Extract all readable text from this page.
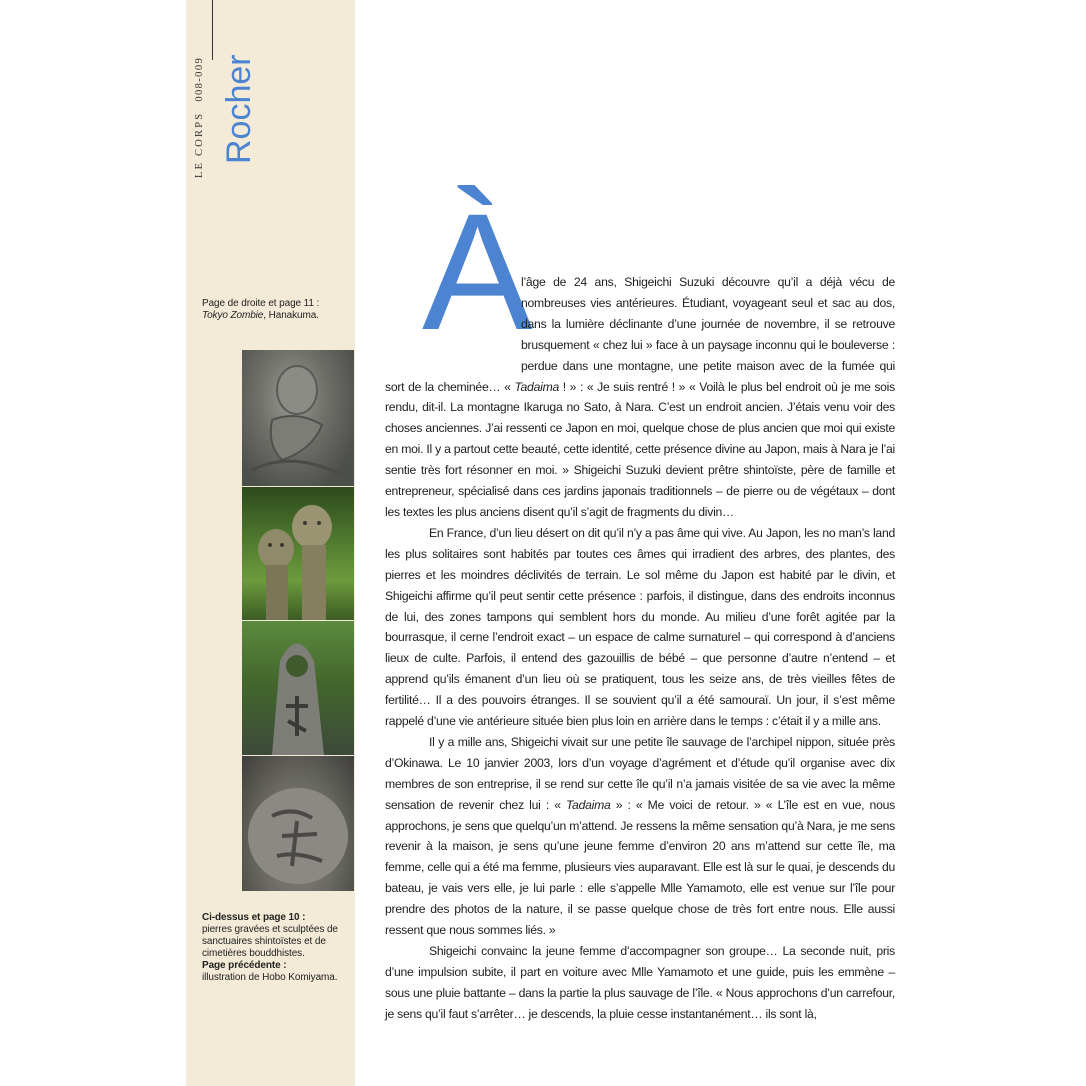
LE CORPS008-009 Rocher

Page de droite et page 11 :

Tokyo Zombie, Hanakuma.

Ci-dessus et page 10 :

pierres gravées et sculptées de sanctuaires shintoïstes et de cimetières bouddhistes.

Page précédente :

illustration de Hobo Komiyama.

À

l’âge de 24 ans, Shigeichi Suzuki découvre qu’il a déjà vécu de nombreuses vies antérieures. Étudiant, voyageant seul et sac au dos, dans la lumière déclinante d’une journée de novembre, il se retrouve brusquement « chez lui » face à un paysage inconnu qui le bouleverse : perdue dans une montagne, une petite maison avec de la fumée qui sort de la cheminée… « Tadaima ! » : « Je suis rentré ! » « Voilà le plus bel endroit où je me sois rendu, dit-il. La montagne Ikaruga no Sato, à Nara. C’est un endroit ancien. J’étais venu voir des choses anciennes. J’ai ressenti ce Japon en moi, quelque chose de plus ancien que moi qui existe en moi. Il y a partout cette beauté, cette identité, cette présence divine au Japon, mais à Nara je l’ai sentie très fort résonner en moi. » Shigeichi Suzuki devient prêtre shintoïste, père de famille et entrepreneur, spécialisé dans ces jardins japonais traditionnels – de pierre ou de végétaux – dont les textes les plus anciens disent qu’il s’agit de fragments du divin…

En France, d’un lieu désert on dit qu’il n’y a pas âme qui vive. Au Japon, les no man’s land les plus solitaires sont habités par toutes ces âmes qui irradient des arbres, des plantes, des pierres et les moindres déclivités de terrain. Le sol même du Japon est habité par le divin, et Shigeichi affirme qu’il peut sentir cette présence : parfois, il distingue, dans des endroits inconnus de lui, des zones tampons qui semblent hors du monde. Au milieu d’une forêt agitée par la bourrasque, il cerne l’endroit exact – un espace de calme surnaturel – qui correspond à d’anciens lieux de culte. Parfois, il entend des gazouillis de bébé – que personne d’autre n’entend – et apprend qu’ils émanent d’un lieu où se pratiquent, tous les seize ans, de très vieilles fêtes de fertilité… Il a des pouvoirs étranges. Il se souvient qu’il a été samouraï. Un jour, il s’est même rappelé d’une vie antérieure située bien plus loin en arrière dans le temps : c’était il y a mille ans.

Il y a mille ans, Shigeichi vivait sur une petite île sauvage de l’archipel nippon, située près d’Okinawa. Le 10 janvier 2003, lors d’un voyage d’agrément et d’étude qu’il organise avec dix membres de son entreprise, il se rend sur cette île qu’il n’a jamais visitée de sa vie avec la même sensation de revenir chez lui : « Tadaima » : « Me voici de retour. » « L’île est en vue, nous approchons, je sens que quelqu’un m’attend. Je ressens la même sensation qu’à Nara, je me sens revenir à la maison, je sens qu’une jeune femme d’environ 20 ans m’attend sur cette île, ma femme, celle qui a été ma femme, plusieurs vies auparavant. Elle est là sur le quai, je descends du bateau, je vais vers elle, je lui parle : elle s’appelle Mlle Yamamoto, elle est venue sur l’île pour prendre des photos de la nature, il se passe quelque chose de très fort entre nous. Elle aussi ressent que nous sommes liés. »

Shigeichi convainc la jeune femme d’accompagner son groupe… La seconde nuit, pris d’une impulsion subite, il part en voiture avec Mlle Yamamoto et une guide, puis les emmène – sous une pluie battante – dans la partie la plus sauvage de l’île. « Nous approchons d’un carrefour, je sens qu’il faut s’arrêter… je descends, la pluie cesse instantanément… ils sont là,
